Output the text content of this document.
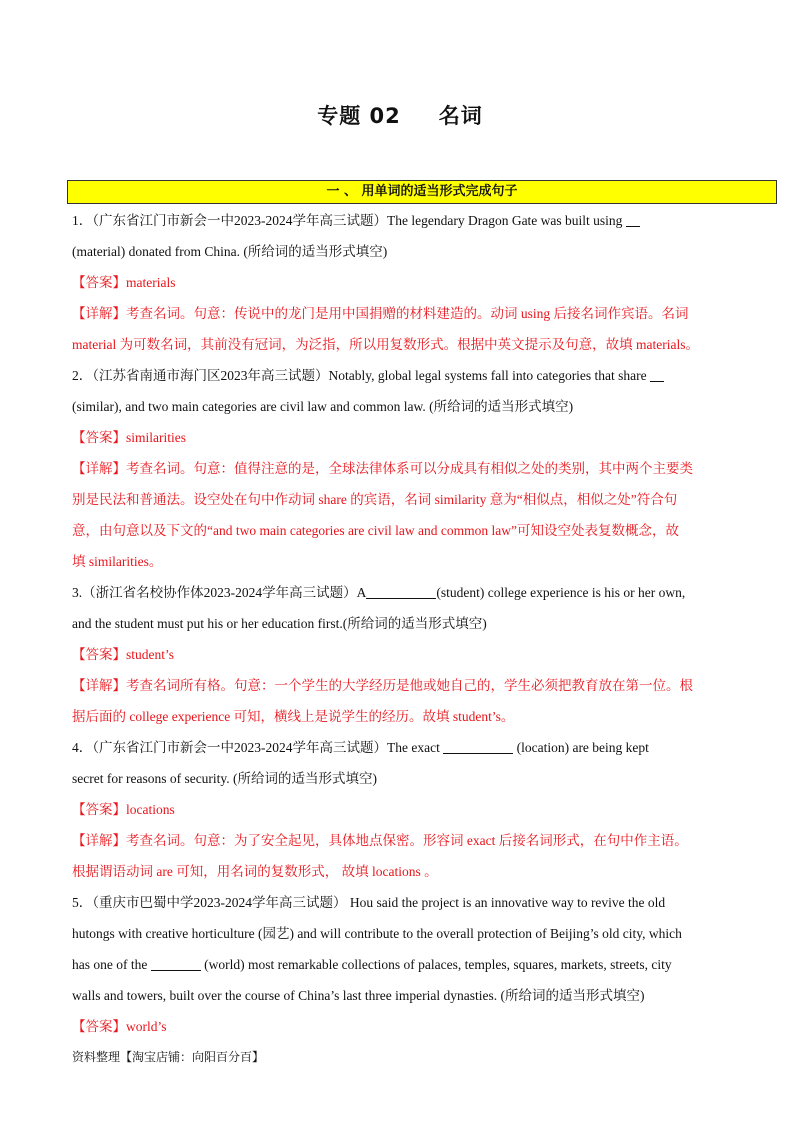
专题 02 名词
一 、 用单词的适当形式完成句子
1．（广东省江门市新会一中2023-2024学年高三试题）The legendary Dragon Gate was built using
(material) donated from China. (所给词的适当形式填空)
【答案】materials
【详解】考查名词。句意：传说中的龙门是用中国捐赠的材料建造的。动词 using 后接名词作宾语。名词
material 为可数名词，其前没有冠词，为泛指，所以用复数形式。根据中英文提示及句意，故填 materials。
2．（江苏省南通市海门区2023年高三试题）Notably, global legal systems fall into categories that share
(similar), and two main categories are civil law and common law. (所给词的适当形式填空)
【答案】similarities
【详解】考查名词。句意：值得注意的是，全球法律体系可以分成具有相似之处的类别，其中两个主要类
别是民法和普通法。设空处在句中作动词 share 的宾语，名词 similarity 意为“相似点，相似之处”符合句
意，由句意以及下文的“and two main categories are civil law and common law”可知设空处表复数概念，故
填 similarities。
3.（浙江省名校协作体2023-2024学年高三试题）A	(student) college experience is his or her own,
and the student must put his or her education first.(所给词的适当形式填空)
【答案】student’s
【详解】考查名词所有格。句意：一个学生的大学经历是他或她自己的，学生必须把教育放在第一位。根
据后面的 college experience 可知，横线上是说学生的经历。故填 student’s。
4．（广东省江门市新会一中2023-2024学年高三试题）The exact	(location) are being kept
secret for reasons of security. (所给词的适当形式填空)
【答案】locations
【详解】考查名词。句意：为了安全起见，具体地点保密。形容词 exact 后接名词形式，在句中作主语。
根据谓语动词 are 可知，用名词的复数形式， 故填 locations 。
5．（重庆市巴蜀中学2023-2024学年高三试题） Hou said the project is an innovative way to revive the old
hutongs with creative horticulture (园艺) and will contribute to the overall protection of Beijing’s old city, which
has one of the	(world) most remarkable collections of palaces, temples, squares, markets, streets, city
walls and towers, built over the course of China’s last three imperial dynasties. (所给词的适当形式填空)
【答案】world’s
资料整理【淘宝店铺：向阳百分百】
